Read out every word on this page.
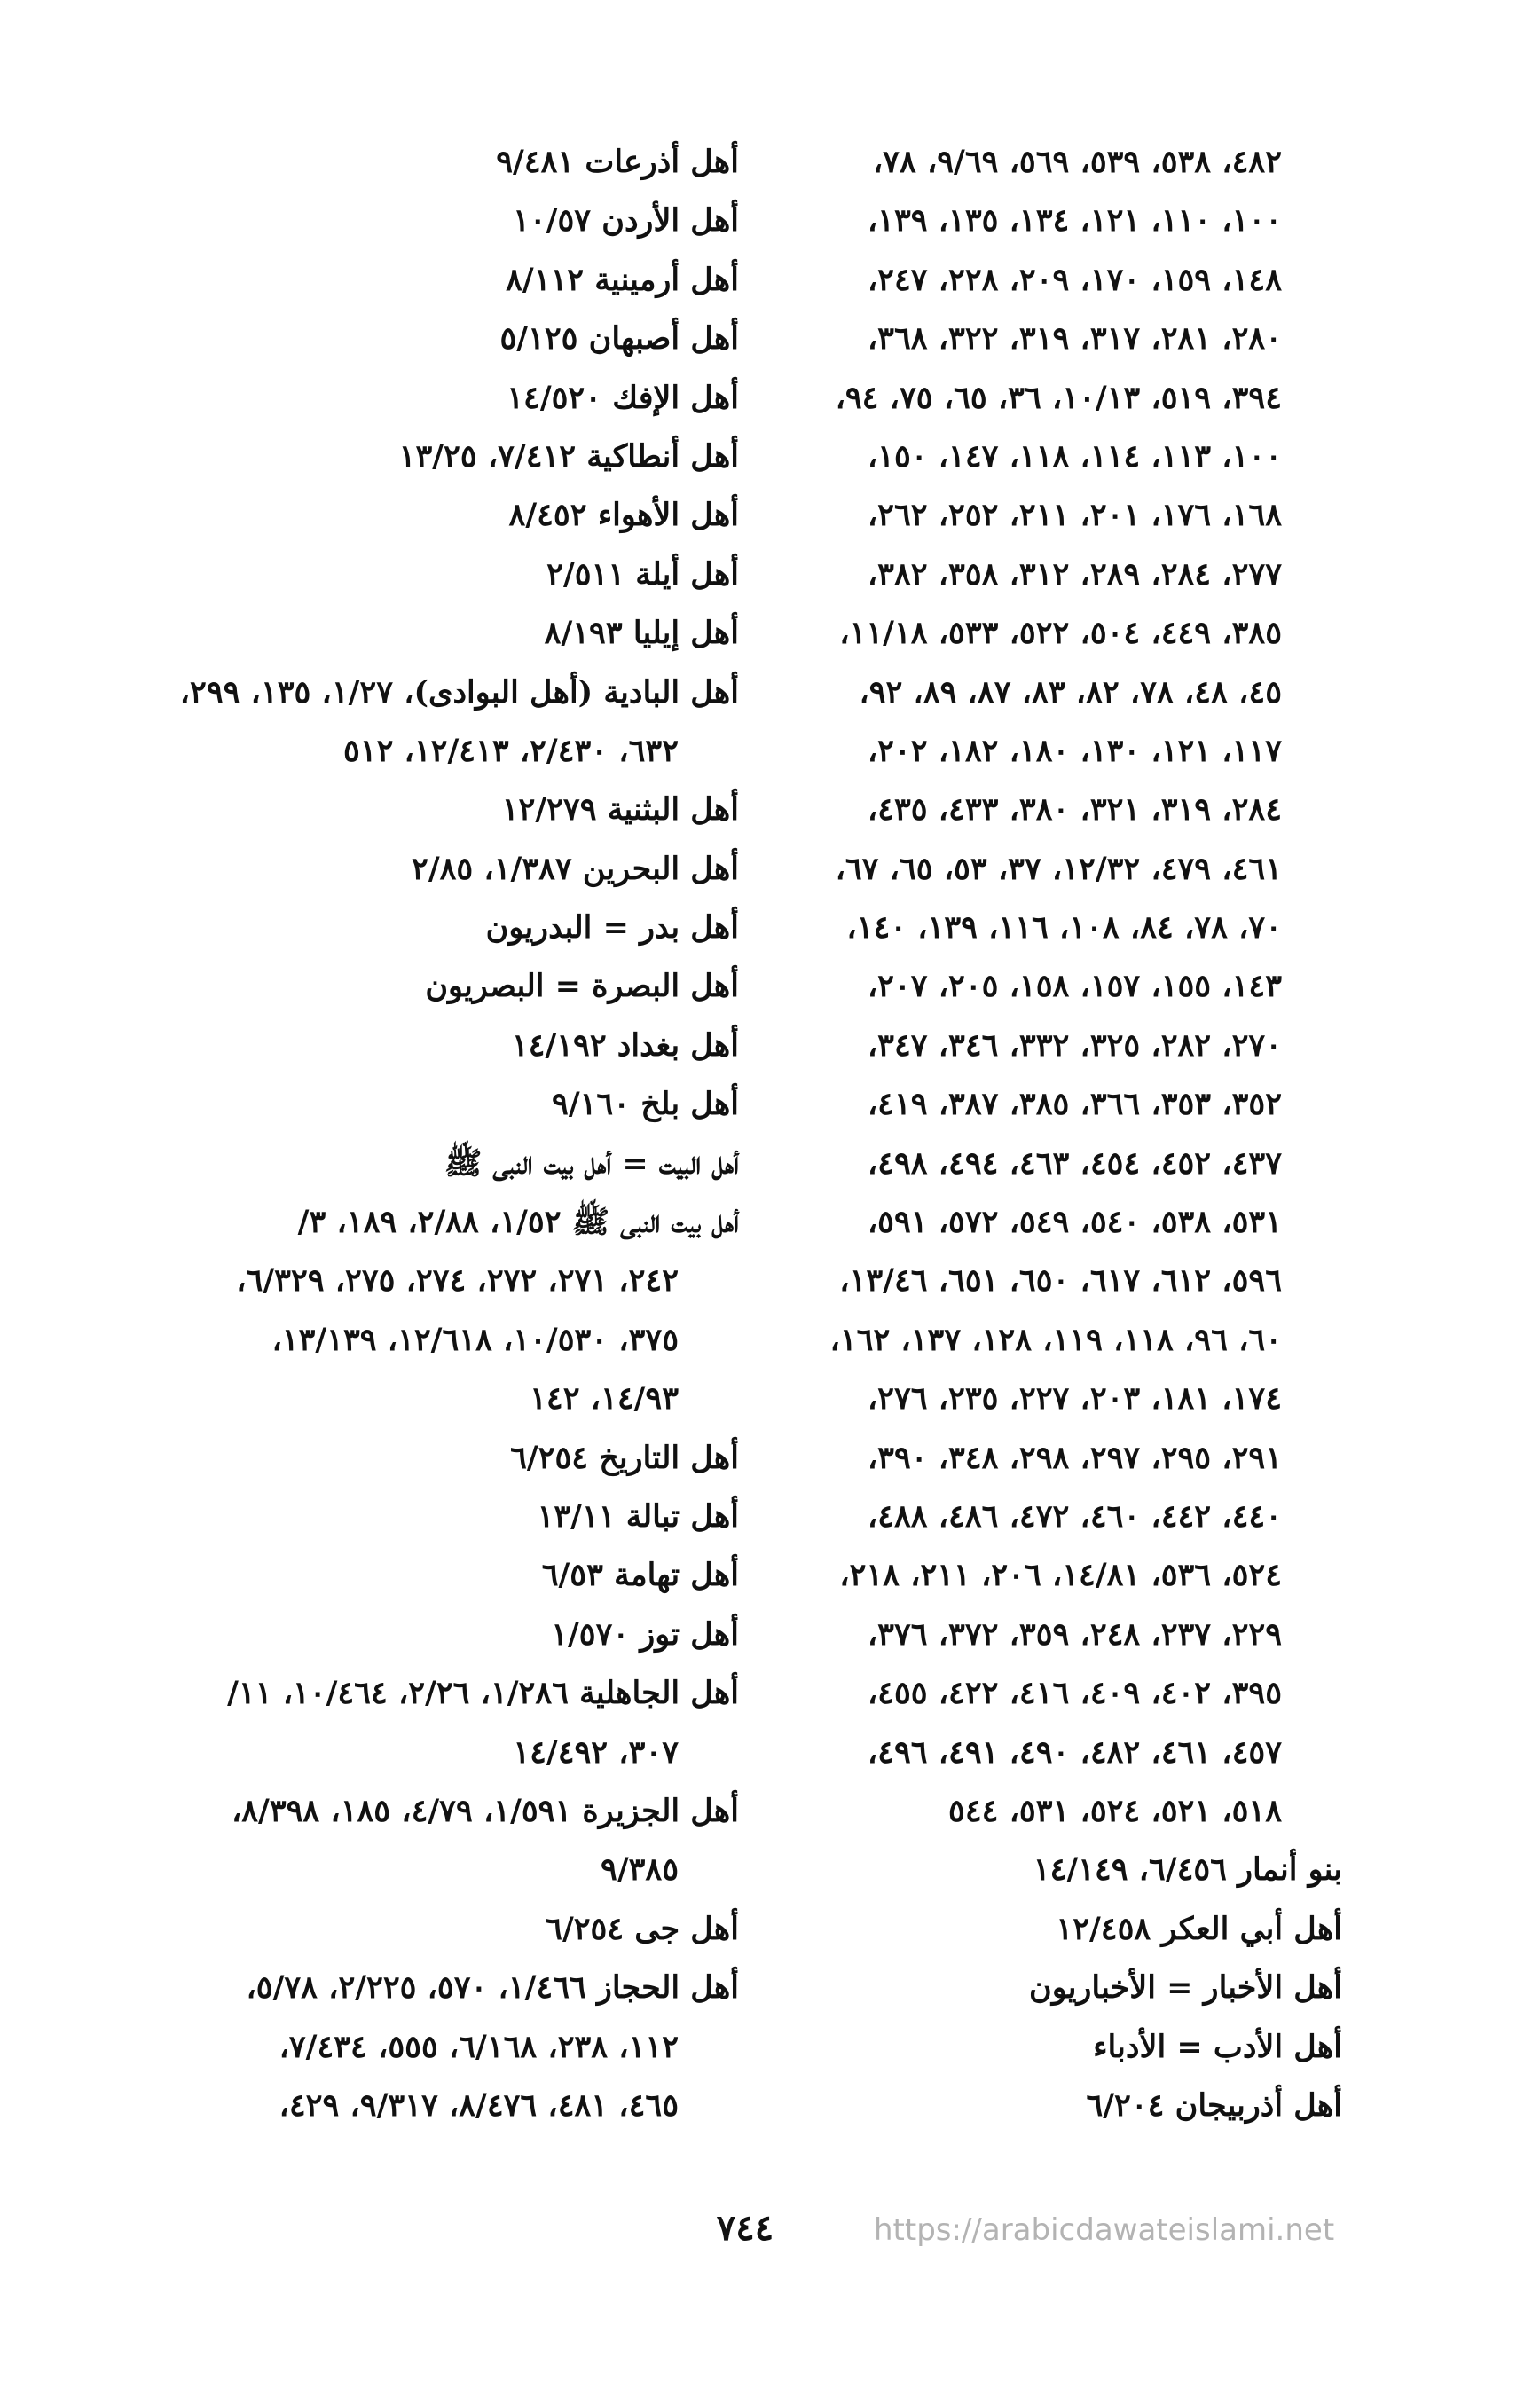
٤٨٢، ٥٣٨، ٥٣٩، ٥٦٩، ٩/٦٩، ٧٨،
١٠٠، ١١٠، ١٢١، ١٣٤، ١٣٥، ١٣٩،
١٤٨، ١٥٩، ١٧٠، ٢٠٩، ٢٢٨، ٢٤٧،
٢٨٠، ٢٨١، ٣١٧، ٣١٩، ٣٢٢، ٣٦٨،
٣٩٤، ٥١٩، ١٠/١٣، ٣٦، ٦٥، ٧٥، ٩٤،
١٠٠، ١١٣، ١١٤، ١١٨، ١٤٧، ١٥٠،
١٦٨، ١٧٦، ٢٠١، ٢١١، ٢٥٢، ٢٦٢،
٢٧٧، ٢٨٤، ٢٨٩، ٣١٢، ٣٥٨، ٣٨٢،
٣٨٥، ٤٤٩، ٥٠٤، ٥٢٢، ٥٣٣، ١١/١٨،
٤٥، ٤٨، ٧٨، ٨٢، ٨٣، ٨٧، ٨٩، ٩٢،
١١٧، ١٢١، ١٣٠، ١٨٠، ١٨٢، ٢٠٢،
٢٨٤، ٣١٩، ٣٢١، ٣٨٠، ٤٣٣، ٤٣٥،
٤٦١، ٤٧٩، ١٢/٣٢، ٣٧، ٥٣، ٦٥، ٦٧،
٧٠، ٧٨، ٨٤، ١٠٨، ١١٦، ١٣٩، ١٤٠،
١٤٣، ١٥٥، ١٥٧، ١٥٨، ٢٠٥، ٢٠٧،
٢٧٠، ٢٨٢، ٣٢٥، ٣٣٢، ٣٤٦، ٣٤٧،
٣٥٢، ٣٥٣، ٣٦٦، ٣٨٥، ٣٨٧، ٤١٩،
٤٣٧، ٤٥٢، ٤٥٤، ٤٦٣، ٤٩٤، ٤٩٨،
٥٣١، ٥٣٨، ٥٤٠، ٥٤٩، ٥٧٢، ٥٩١،
٥٩٦، ٦١٢، ٦١٧، ٦٥٠، ٦٥١، ١٣/٤٦،
٦٠، ٩٦، ١١٨، ١١٩، ١٢٨، ١٣٧، ١٦٢،
١٧٤، ١٨١، ٢٠٣، ٢٢٧، ٢٣٥، ٢٧٦،
٢٩١، ٢٩٥، ٢٩٧، ٢٩٨، ٣٤٨، ٣٩٠،
٤٤٠، ٤٤٢، ٤٦٠، ٤٧٢، ٤٨٦، ٤٨٨،
٥٢٤، ٥٣٦، ١٤/٨١، ٢٠٦، ٢١١، ٢١٨،
٢٢٩، ٢٣٧، ٢٤٨، ٣٥٩، ٣٧٢، ٣٧٦،
٣٩٥، ٤٠٢، ٤٠٩، ٤١٦، ٤٢٢، ٤٥٥،
٤٥٧، ٤٦١، ٤٨٢، ٤٩٠، ٤٩١، ٤٩٦،
٥١٨، ٥٢١، ٥٢٤، ٥٣١، ٥٤٤
بنو أنمار ٦/٤٥٦، ١٤/١٤٩
أهل أبي العكر ١٢/٤٥٨
أهل الأخبار = الأخباريون
أهل الأدب = الأدباء
أهل أذربيجان ٦/٢٠٤
أهل أذرعات ٩/٤٨١
أهل الأردن ١٠/٥٧
أهل أرمينية ٨/١١٢
أهل أصبهان ٥/١٢٥
أهل الإفك ١٤/٥٢٠
أهل أنطاكية ٧/٤١٢، ١٣/٢٥
أهل الأهواء ٨/٤٥٢
أهل أيلة ٢/٥١١
أهل إيليا ٨/١٩٣
أهل البادية (أهل البوادى)، ١/٢٧، ١٣٥، ٢٩٩،
٦٣٢، ٢/٤٣٠، ١٢/٤١٣، ٥١٢
أهل البثنية ١٢/٢٧٩
أهل البحرين ١/٣٨٧، ٢/٨٥
أهل بدر = البدريون
أهل البصرة = البصريون
أهل بغداد ١٤/١٩٢
أهل بلخ ٩/١٦٠
أهل البيت = أهل بيت النبى ﷺ
أهل بيت النبى ﷺ ١/٥٢، ٢/٨٨، ١٨٩، ٣/
٢٤٢، ٢٧١، ٢٧٢، ٢٧٤، ٢٧٥، ٦/٣٢٩،
٣٧٥، ١٠/٥٣٠، ١٢/٦١٨، ١٣/١٣٩،
١٤/٩٣، ١٤٢
أهل التاريخ ٦/٢٥٤
أهل تبالة ١٣/١١
أهل تهامة ٦/٥٣
أهل توز ١/٥٧٠
أهل الجاهلية ١/٢٨٦، ٢/٢٦، ١٠/٤٦٤، ١١/
٣٠٧، ١٤/٤٩٢
أهل الجزيرة ١/٥٩١، ٤/٧٩، ١٨٥، ٨/٣٩٨،
٩/٣٨٥
أهل جى ٦/٢٥٤
أهل الحجاز ١/٤٦٦، ٥٧٠، ٢/٢٢٥، ٥/٧٨،
١١٢، ٢٣٨، ٦/١٦٨، ٥٥٥، ٧/٤٣٤،
٤٦٥، ٤٨١، ٨/٤٧٦، ٩/٣١٧، ٤٢٩،
٧٤٤	https://arabicdawateislami.net
